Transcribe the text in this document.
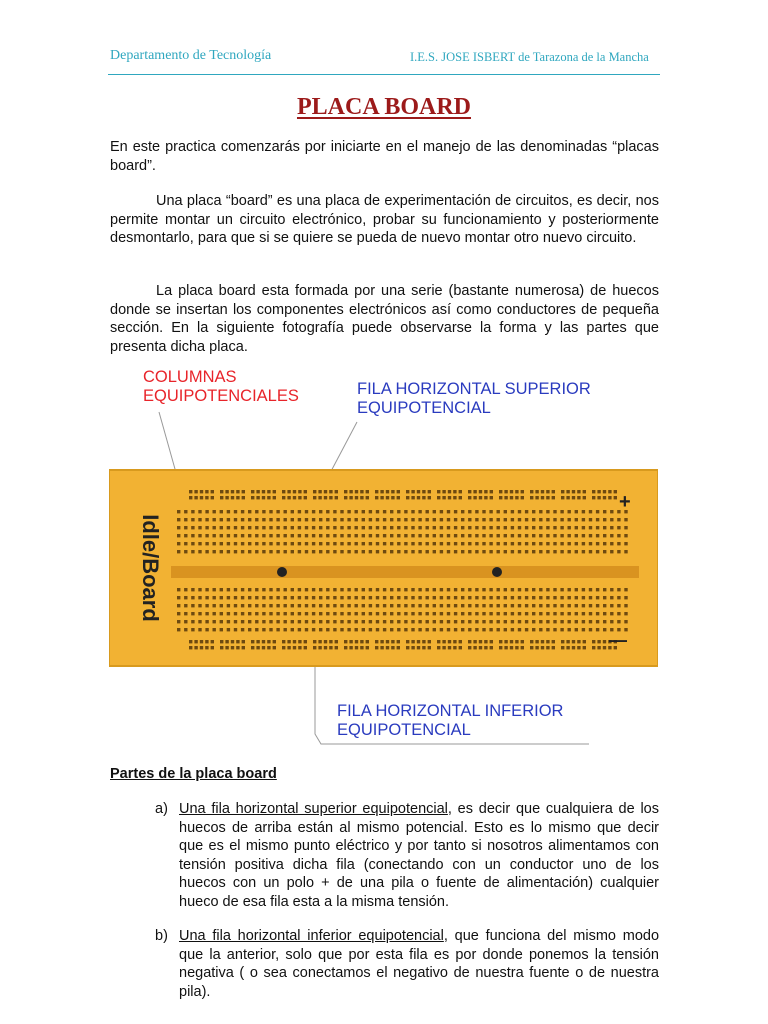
Departamento de Tecnología	I.E.S. JOSE ISBERT de Tarazona de la Mancha
PLACA BOARD

En este practica comenzarás por iniciarte en el manejo de las denominadas “placas board”.

Una placa “board” es una placa de experimentación de circuitos, es decir, nos permite montar un circuito electrónico, probar su funcionamiento y posteriormente desmontarlo, para que si se quiere se pueda de nuevo montar otro nuevo circuito.

La placa board esta formada por una serie (bastante numerosa) de huecos donde se insertan los componentes electrónicos así como conductores de pequeña sección. En la siguiente fotografía puede observarse la forma y las partes que presenta dicha placa.

Idle/Board
+
—
COLUMNAS
EQUIPOTENCIALES	FILA HORIZONTAL SUPERIOR
EQUIPOTENCIAL
FILA HORIZONTAL INFERIOR
EQUIPOTENCIAL

Partes de la placa board

a) Una fila horizontal superior equipotencial, es decir que cualquiera de los huecos de arriba están al mismo potencial. Esto es lo mismo que decir que es el mismo punto eléctrico y por tanto si nosotros alimentamos con tensión positiva dicha fila (conectando con un conductor uno de los huecos con un polo + de una pila o fuente de alimentación) cualquier hueco de esa fila esta a la misma tensión.

b) Una fila horizontal inferior equipotencial, que funciona del mismo modo que la anterior, solo que por esta fila es por donde ponemos la tensión negativa ( o sea conectamos el negativo de nuestra fuente o de nuestra pila).
